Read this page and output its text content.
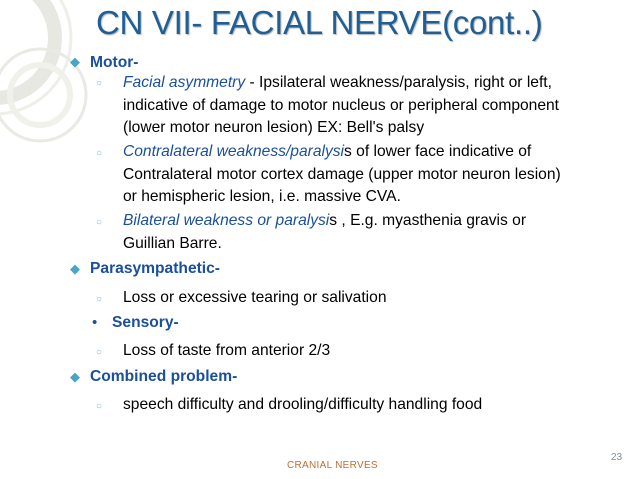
CN VII- FACIAL NERVE(cont..)
◆ Motor-
○ Facial asymmetry - Ipsilateral weakness/paralysis, right or left,
indicative of damage to motor nucleus or peripheral component
(lower motor neuron lesion) EX: Bell's palsy
○ Contralateral weakness/paralysis of lower face indicative of
Contralateral motor cortex damage (upper motor neuron lesion)
or hemispheric lesion, i.e. massive CVA.
○ Bilateral weakness or paralysis , E.g. myasthenia gravis or
Guillian Barre.
◆ Parasympathetic-
○ Loss or excessive tearing or salivation
• Sensory-
○ Loss of taste from anterior 2/3
◆ Combined problem-
○ speech difficulty and drooling/difficulty handling food
CRANIAL NERVES
23
